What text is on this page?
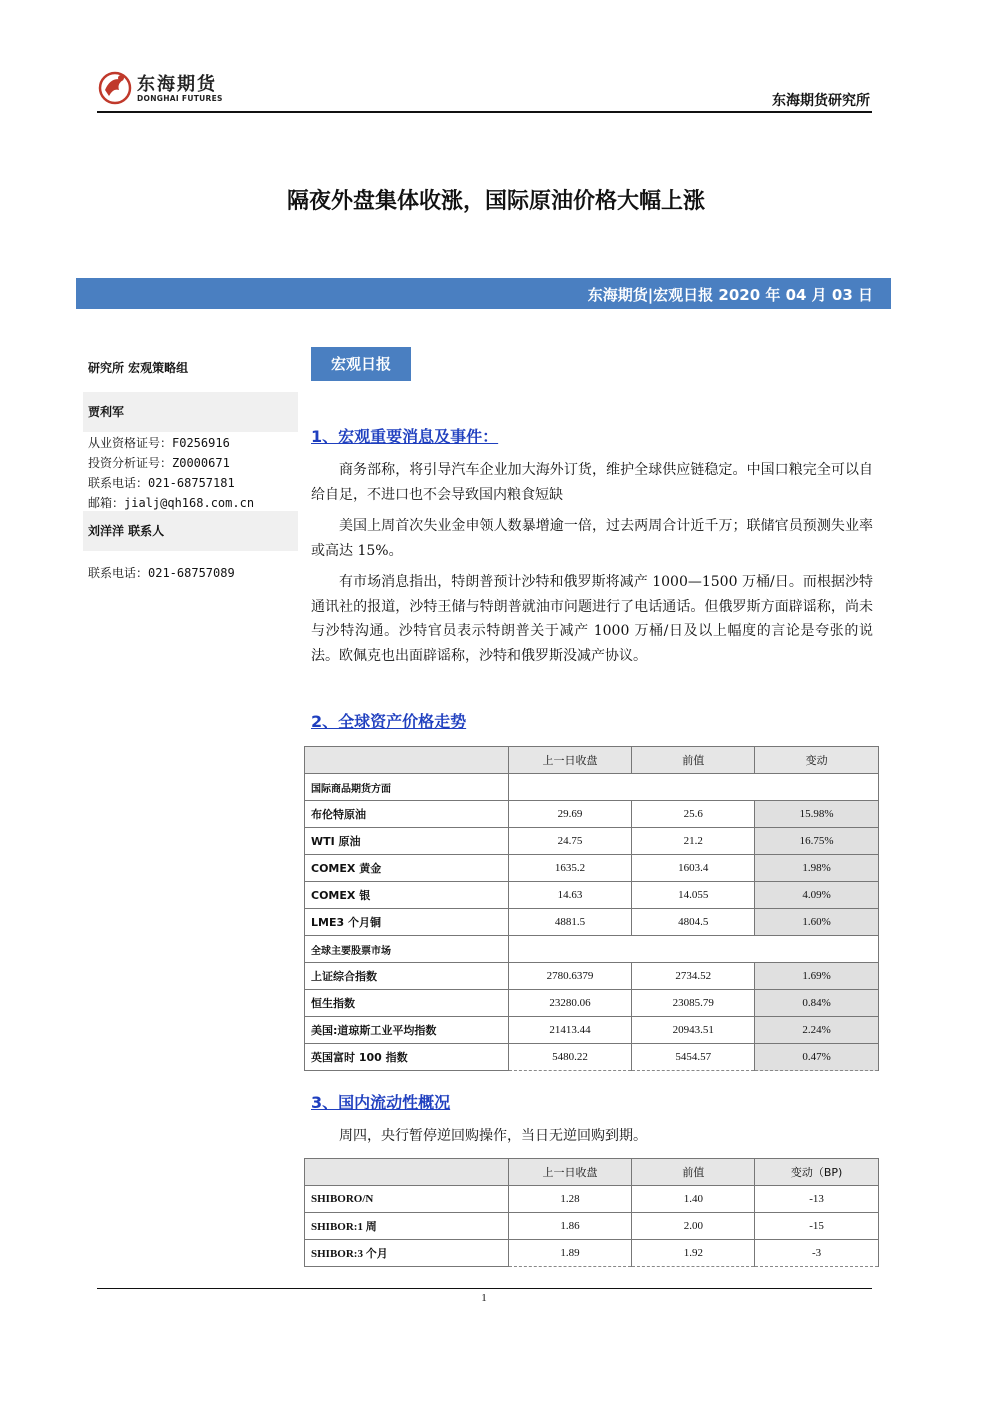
东海期货
DONGHAI FUTURES	东海期货研究所
隔夜外盘集体收涨，国际原油价格大幅上涨
东海期货|宏观日报 2020 年 04 月 03 日
研究所 宏观策略组
贾利军
从业资格证号：F0256916
投资分析证号：Z0000671
联系电话：021-68757181
邮箱：jialj@qh168.com.cn
刘洋洋 联系人
联系电话：021-68757089
宏观日报
1、宏观重要消息及事件：
商务部称，将引导汽车企业加大海外订货，维护全球供应链稳定。中国口粮完全可以自给自足，不进口也不会导致国内粮食短缺
美国上周首次失业金申领人数暴增逾一倍，过去两周合计近千万；联储官员预测失业率或高达 15%。
有市场消息指出，特朗普预计沙特和俄罗斯将减产 1000—1500 万桶/日。而根据沙特通讯社的报道，沙特王储与特朗普就油市问题进行了电话通话。但俄罗斯方面辟谣称，尚未与沙特沟通。沙特官员表示特朗普关于减产 1000 万桶/日及以上幅度的言论是夸张的说法。欧佩克也出面辟谣称，沙特和俄罗斯没减产协议。
2、全球资产价格走势
	上一日收盘	前值	变动
国际商品期货方面			
布伦特原油	29.69	25.6	15.98%
WTI 原油	24.75	21.2	16.75%
COMEX 黄金	1635.2	1603.4	1.98%
COMEX 银	14.63	14.055	4.09%
LME3 个月铜	4881.5	4804.5	1.60%
全球主要股票市场			
上证综合指数	2780.6379	2734.52	1.69%
恒生指数	23280.06	23085.79	0.84%
美国:道琼斯工业平均指数	21413.44	20943.51	2.24%
英国富时 100 指数	5480.22	5454.57	0.47%
3、国内流动性概况
周四，央行暂停逆回购操作，当日无逆回购到期。
	上一日收盘	前值	变动（BP)
SHIBORO/N	1.28	1.40	-13
SHIBOR:1 周	1.86	2.00	-15
SHIBOR:3 个月	1.89	1.92	-3
1
